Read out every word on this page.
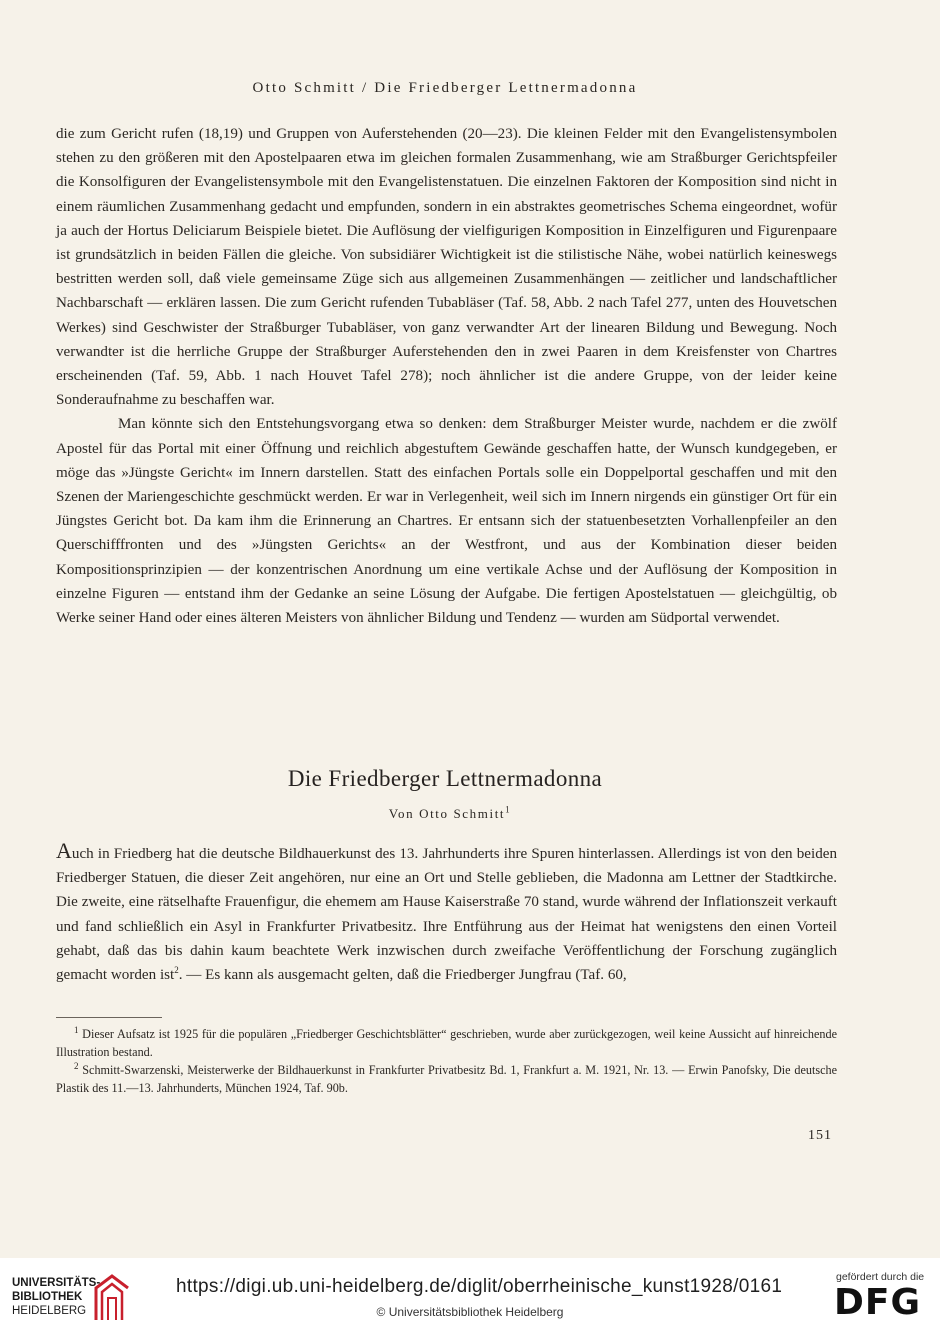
Otto Schmitt / Die Friedberger Lettnermadonna

die zum Gericht rufen (18,19) und Gruppen von Auferstehenden (20—23). Die kleinen Felder mit den Evangelistensymbolen stehen zu den größeren mit den Apostelpaaren etwa im gleichen formalen Zusammenhang, wie am Straßburger Gerichtspfeiler die Konsolfiguren der Evangelistensymbole mit den Evangelistenstatuen. Die einzelnen Faktoren der Komposition sind nicht in einem räumlichen Zusammenhang gedacht und empfunden, sondern in ein abstraktes geometrisches Schema eingeordnet, wofür ja auch der Hortus Deliciarum Beispiele bietet. Die Auflösung der vielfigurigen Komposition in Einzelfiguren und Figurenpaare ist grundsätzlich in beiden Fällen die gleiche. Von subsidiärer Wichtigkeit ist die stilistische Nähe, wobei natürlich keineswegs bestritten werden soll, daß viele gemeinsame Züge sich aus allgemeinen Zusammenhängen — zeitlicher und landschaftlicher Nachbarschaft — erklären lassen. Die zum Gericht rufenden Tubabläser (Taf. 58, Abb. 2 nach Tafel 277, unten des Houvetschen Werkes) sind Geschwister der Straßburger Tubabläser, von ganz verwandter Art der linearen Bildung und Bewegung. Noch verwandter ist die herrliche Gruppe der Straßburger Auferstehenden den in zwei Paaren in dem Kreisfenster von Chartres erscheinenden (Taf. 59, Abb. 1 nach Houvet Tafel 278); noch ähnlicher ist die andere Gruppe, von der leider keine Sonderaufnahme zu beschaffen war.

Man könnte sich den Entstehungsvorgang etwa so denken: dem Straßburger Meister wurde, nachdem er die zwölf Apostel für das Portal mit einer Öffnung und reichlich abgestuftem Gewände geschaffen hatte, der Wunsch kundgegeben, er möge das »Jüngste Gericht« im Innern darstellen. Statt des einfachen Portals solle ein Doppelportal geschaffen und mit den Szenen der Mariengeschichte geschmückt werden. Er war in Verlegenheit, weil sich im Innern nirgends ein günstiger Ort für ein Jüngstes Gericht bot. Da kam ihm die Erinnerung an Chartres. Er entsann sich der statuenbesetzten Vorhallenpfeiler an den Querschifffronten und des »Jüngsten Gerichts« an der Westfront, und aus der Kombination dieser beiden Kompositionsprinzipien — der konzentrischen Anordnung um eine vertikale Achse und der Auflösung der Komposition in einzelne Figuren — entstand ihm der Gedanke an seine Lösung der Aufgabe. Die fertigen Apostelstatuen — gleichgültig, ob Werke seiner Hand oder eines älteren Meisters von ähnlicher Bildung und Tendenz — wurden am Südportal verwendet.

Die Friedberger Lettnermadonna
Von Otto Schmitt$^1$

Auch in Friedberg hat die deutsche Bildhauerkunst des 13. Jahrhunderts ihre Spuren hinterlassen. Allerdings ist von den beiden Friedberger Statuen, die dieser Zeit angehören, nur eine an Ort und Stelle geblieben, die Madonna am Lettner der Stadtkirche. Die zweite, eine rätselhafte Frauenfigur, die ehemem am Hause Kaiserstraße 70 stand, wurde während der Inflationszeit verkauft und fand schließlich ein Asyl in Frankfurter Privatbesitz. Ihre Entführung aus der Heimat hat wenigstens den einen Vorteil gehabt, daß das bis dahin kaum beachtete Werk inzwischen durch zweifache Veröffentlichung der Forschung zugänglich gemacht worden ist$^2$. — Es kann als ausgemacht gelten, daß die Friedberger Jungfrau (Taf. 60,

$^1$ Dieser Aufsatz ist 1925 für die populären „Friedberger Geschichtsblätter“ geschrieben, wurde aber zurückgezogen, weil keine Aussicht auf hinreichende Illustration bestand.

$^2$ Schmitt-Swarzenski, Meisterwerke der Bildhauerkunst in Frankfurter Privatbesitz Bd. 1, Frankfurt a. M. 1921, Nr. 13. — Erwin Panofsky, Die deutsche Plastik des 11.—13. Jahrhunderts, München 1924, Taf. 90b.

151
UNIVERSITÄTS-
BIBLIOTHEK
HEIDELBERG
https://digi.ub.uni-heidelberg.de/diglit/oberrheinische_kunst1928/0161
© Universitätsbibliothek Heidelberg
gefördert durch die
DFG
